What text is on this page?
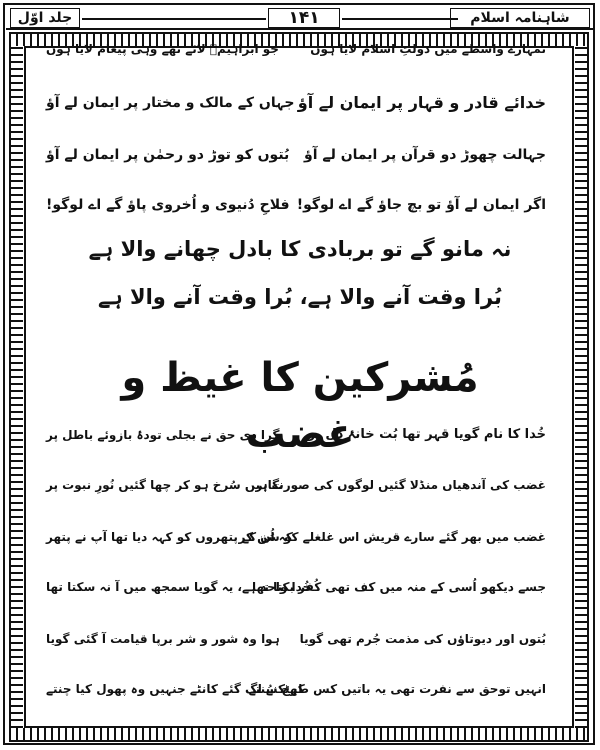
شاہنامہ اسلام
۱۴۱
جلد اوّل
تمہارے واسطے میں دولتِ اسلام لایا ہوں
جو ابراہیمؑ لائے تھے وہی پیغام لایا ہوں
خدائے قادر و قہار پر ایمان لے آؤ
جہاں کے مالک و مختار پر ایمان لے آؤ
جہالت چھوڑ دو قرآن پر ایمان لے آؤ
بُتوں کو توڑ دو رحمٰن پر ایمان لے آؤ
اگر ایمان لے آؤ تو بچ جاؤ گے اے لوگو!
فلاحِ دُنیوی و اُخروی پاؤ گے اے لوگو!
نہ مانو گے تو بربادی کا بادل چھانے والا ہے
بُرا وقت آنے والا ہے، بُرا وقت آنے والا ہے
مُشرکین کا غیظ و غضب
خُدا کا نام گویا قہر تھا بُت خانۂ دل پر
گرا دی حق نے بجلی تودۂ بازوئے باطل پر
غضب کی آندھیاں منڈلا گئیں لوگوں کی صورت پر
نگاہیں سُرخ ہو کر چھا گئیں نُورِ نبوت پر
غضب میں بھر گئے سارے قریش اس غلغلے کو سُن کر
کہ اُن کے پتھروں کو کہہ دیا تھا آپ نے پتھر
جسے دیکھو اُسی کے منہ میں کف تھی کُفر بکتا تھا
خُدا واحد ہے، یہ گویا سمجھ میں آ نہ سکتا تھا
بُتوں اور دیوتاؤں کی مذمت جُرم تھی گویا
ہوا وہ شور و شر برپا قیامت آ گئی گویا
انہیں توحق سے نفرت تھی یہ باتیں کس طرح سُنتے
کھٹکنے لگ گئے کانٹے جنہیں وہ پھول کیا چنتے
